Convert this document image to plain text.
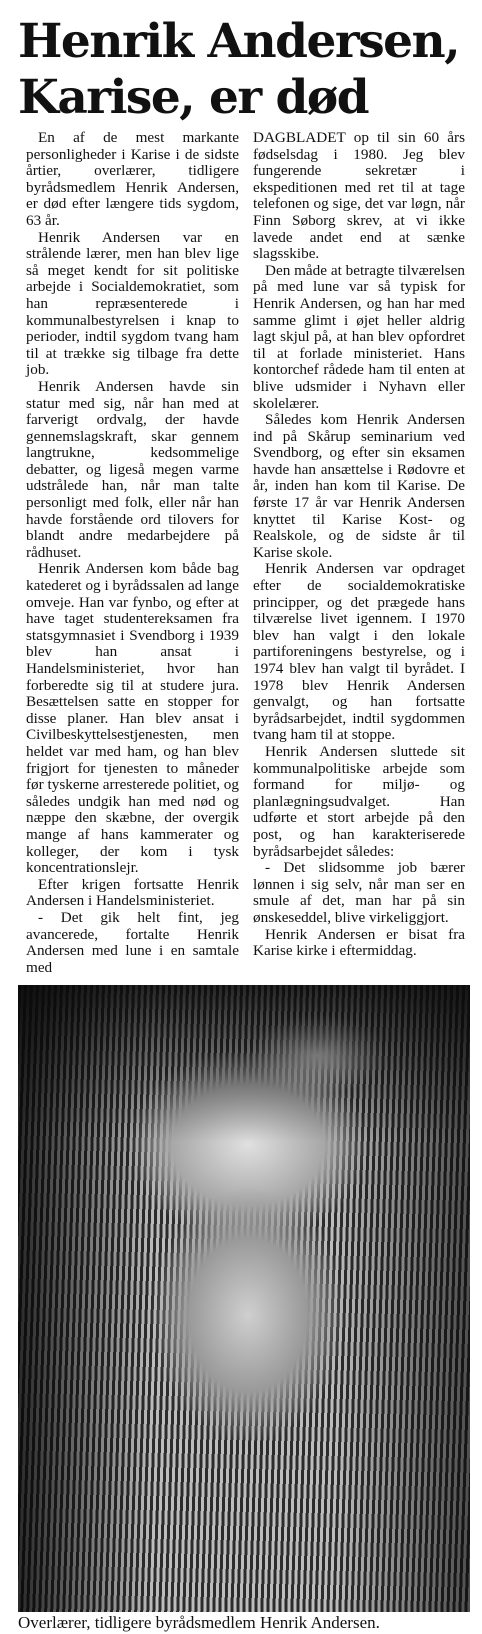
Henrik Andersen,
Karise, er død

En af de mest markante personligheder i Karise i de sidste årtier, overlærer, tidligere byrådsmedlem Henrik Andersen, er død efter længere tids sygdom, 63 år.

Henrik Andersen var en strålende lærer, men han blev lige så meget kendt for sit politiske arbejde i Socialdemokratiet, som han repræsenterede i kommunalbestyrelsen i knap to perioder, indtil sygdom tvang ham til at trække sig tilbage fra dette job.

Henrik Andersen havde sin statur med sig, når han med at farverigt ordvalg, der havde gennemslagskraft, skar gennem langtrukne, kedsommelige debatter, og ligeså megen varme udstrålede han, når man talte personligt med folk, eller når han havde forstående ord tilovers for blandt andre medarbejdere på rådhuset.

Henrik Andersen kom både bag katederet og i byrådssalen ad lange omveje. Han var fynbo, og efter at have taget studentereksamen fra statsgymnasiet i Svendborg i 1939 blev han ansat i Handelsministeriet, hvor han forberedte sig til at studere jura. Besættelsen satte en stopper for disse planer. Han blev ansat i Civilbeskyttelsestjenesten, men heldet var med ham, og han blev frigjort for tjenesten to måneder før tyskerne arresterede politiet, og således undgik han med nød og næppe den skæbne, der overgik mange af hans kammerater og kolleger, der kom i tysk koncentrationslejr.

Efter krigen fortsatte Henrik Andersen i Handelsministeriet.

- Det gik helt fint, jeg avancerede, fortalte Henrik Andersen med lune i en samtale med

DAGBLADET op til sin 60 års fødselsdag i 1980. Jeg blev fungerende sekretær i ekspeditionen med ret til at tage telefonen og sige, det var løgn, når Finn Søborg skrev, at vi ikke lavede andet end at sænke slagsskibe.

Den måde at betragte tilværelsen på med lune var så typisk for Henrik Andersen, og han har med samme glimt i øjet heller aldrig lagt skjul på, at han blev opfordret til at forlade ministeriet. Hans kontorchef rådede ham til enten at blive udsmider i Nyhavn eller skolelærer.

Således kom Henrik Andersen ind på Skårup seminarium ved Svendborg, og efter sin eksamen havde han ansættelse i Rødovre et år, inden han kom til Karise. De første 17 år var Henrik Andersen knyttet til Karise Kost- og Realskole, og de sidste år til Karise skole.

Henrik Andersen var opdraget efter de socialdemokratiske principper, og det prægede hans tilværelse livet igennem. I 1970 blev han valgt i den lokale partiforeningens bestyrelse, og i 1974 blev han valgt til byrådet. I 1978 blev Henrik Andersen genvalgt, og han fortsatte byrådsarbejdet, indtil sygdommen tvang ham til at stoppe.

Henrik Andersen sluttede sit kommunalpolitiske arbejde som formand for miljø- og planlægningsudvalget. Han udførte et stort arbejde på den post, og han karakteriserede byrådsarbejdet således:

- Det slidsomme job bærer lønnen i sig selv, når man ser en smule af det, man har på sin ønskeseddel, blive virkeliggjort.

Henrik Andersen er bisat fra Karise kirke i eftermiddag.

Overlærer, tidligere byrådsmedlem Henrik Andersen.
